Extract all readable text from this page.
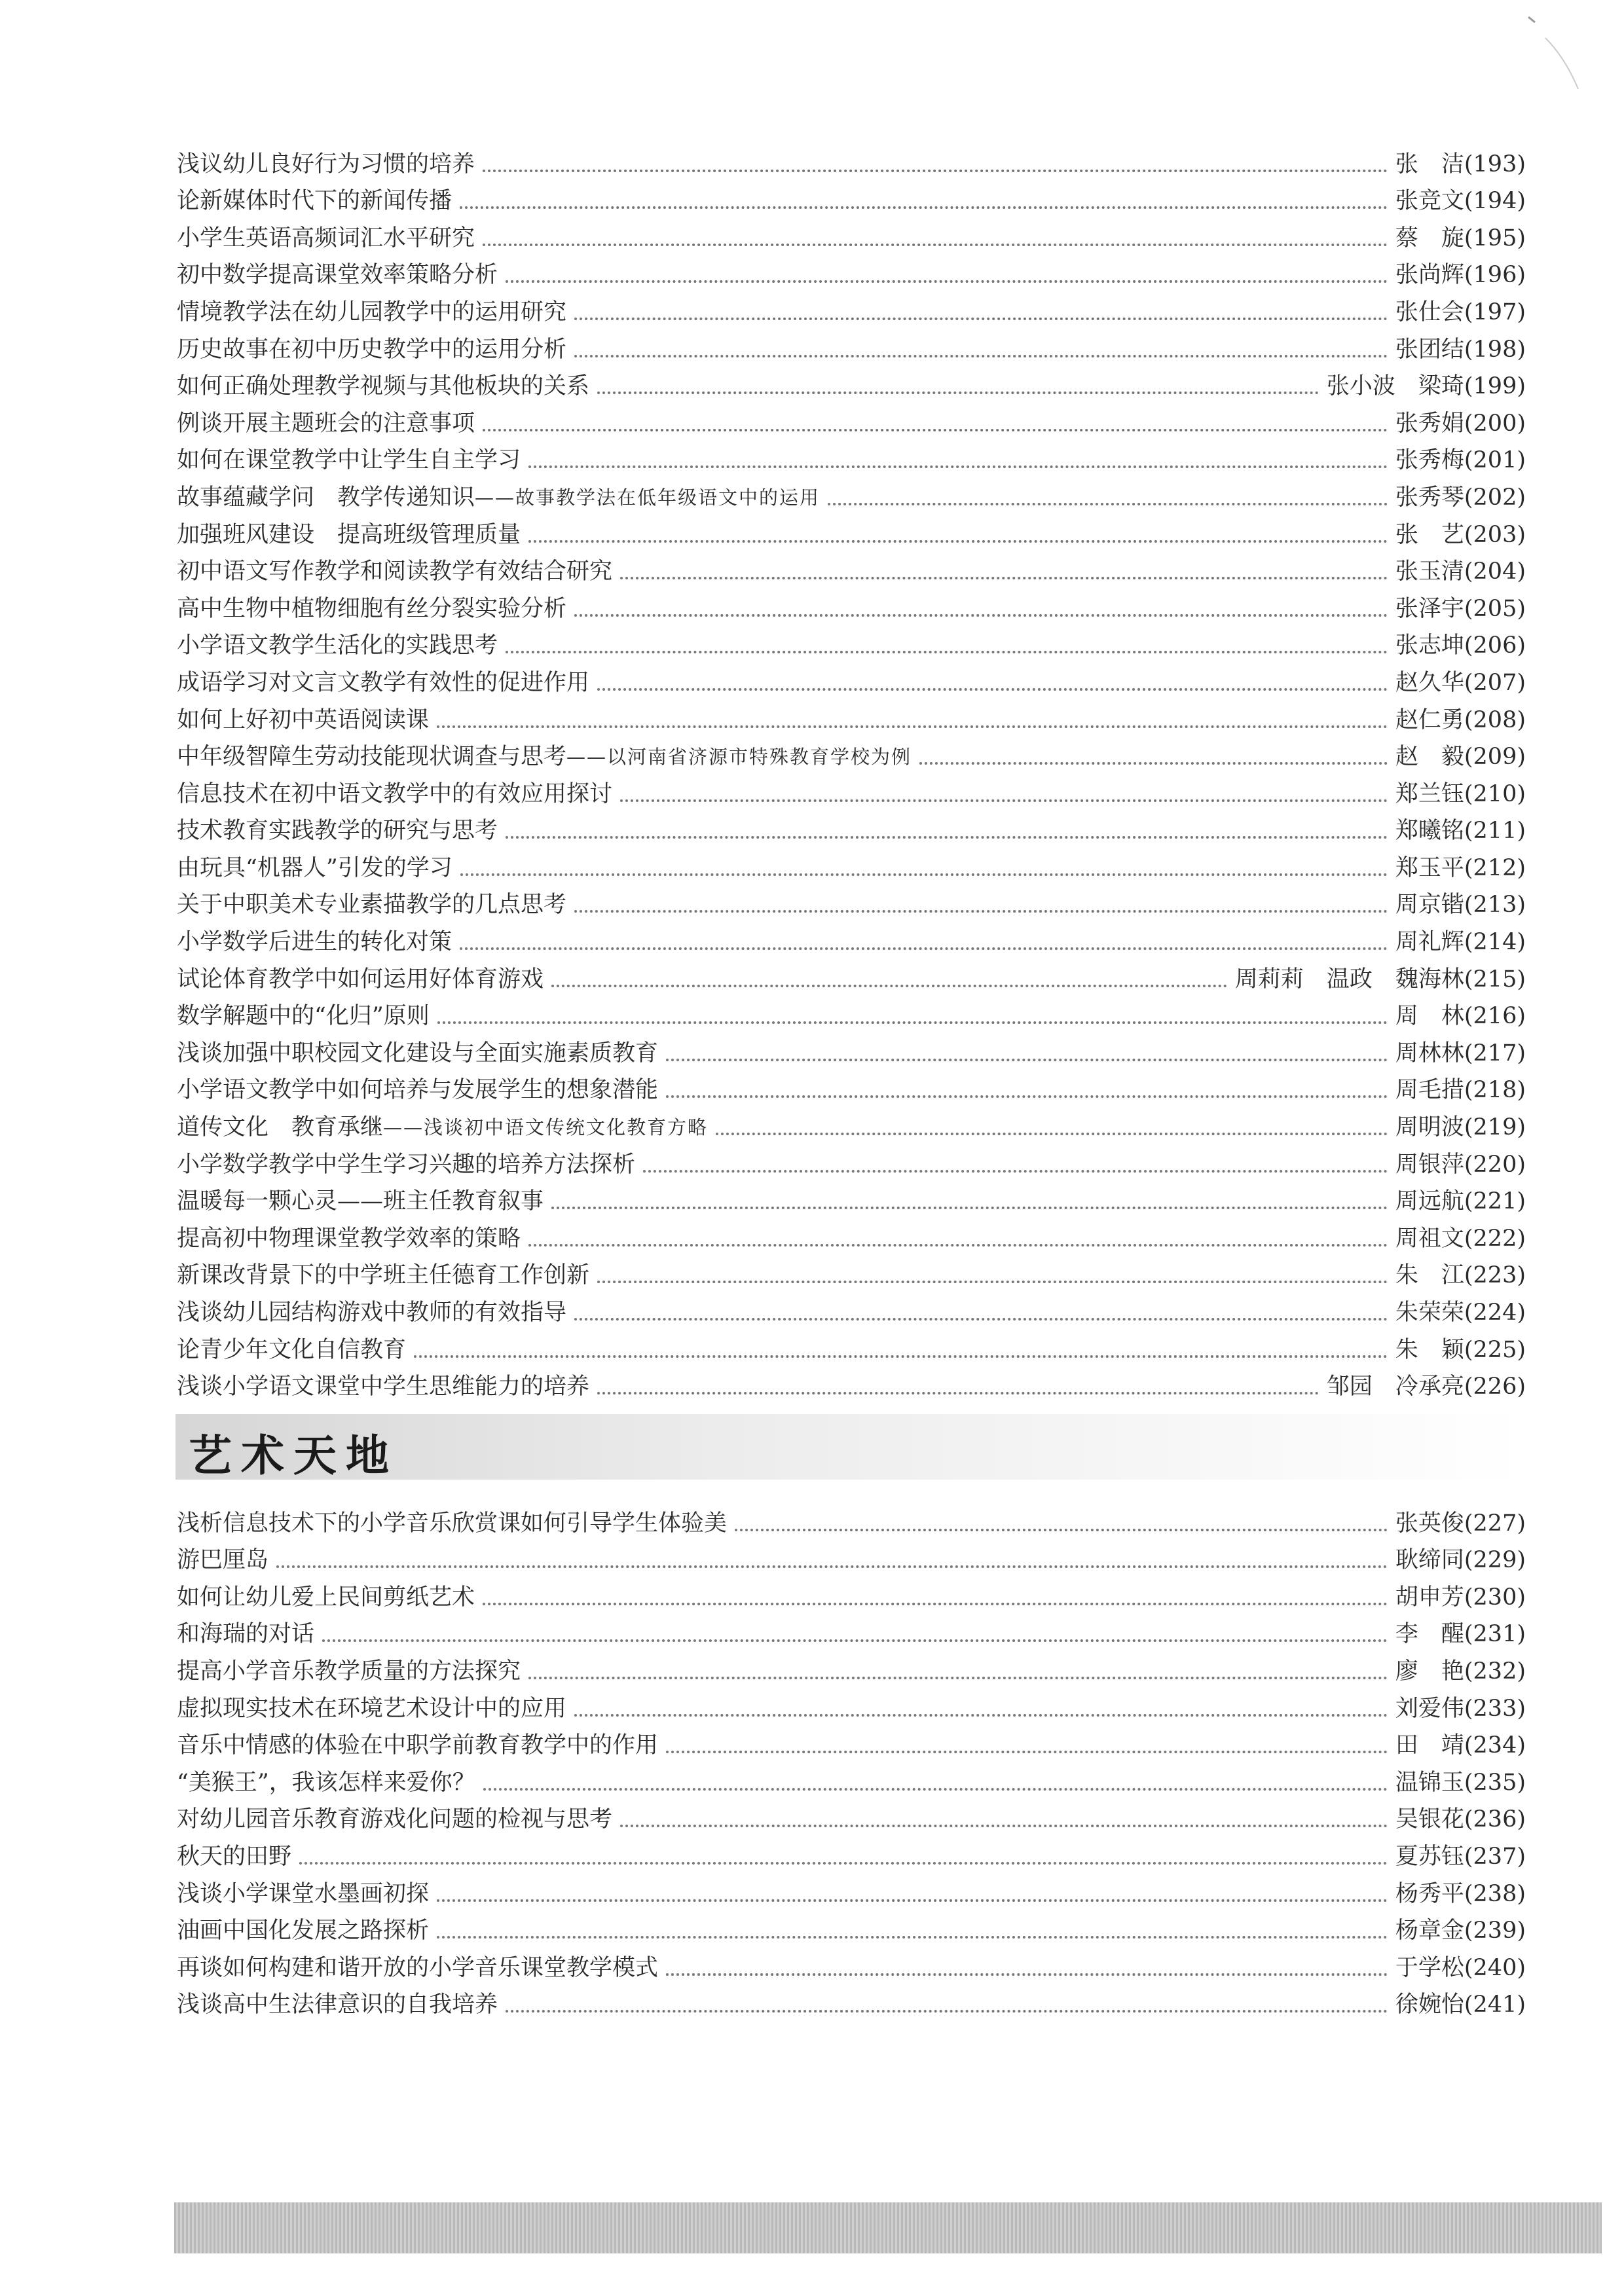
浅议幼儿良好行为习惯的培养	张　洁 (193)
论新媒体时代下的新闻传播	张竞文 (194)
小学生英语高频词汇水平研究	蔡　旋 (195)
初中数学提高课堂效率策略分析	张尚辉 (196)
情境教学法在幼儿园教学中的运用研究	张仕会 (197)
历史故事在初中历史教学中的运用分析	张团结 (198)
如何正确处理教学视频与其他板块的关系	张小波　梁琦 (199)
例谈开展主题班会的注意事项	张秀娟 (200)
如何在课堂教学中让学生自主学习	张秀梅 (201)
故事蕴藏学问　教学传递知识 ——故事教学法在低年级语文中的运用	张秀琴 (202)
加强班风建设　提高班级管理质量	张　艺 (203)
初中语文写作教学和阅读教学有效结合研究	张玉清 (204)
高中生物中植物细胞有丝分裂实验分析	张泽宇 (205)
小学语文教学生活化的实践思考	张志坤 (206)
成语学习对文言文教学有效性的促进作用	赵久华 (207)
如何上好初中英语阅读课	赵仁勇 (208)
中年级智障生劳动技能现状调查与思考 ——以河南省济源市特殊教育学校为例	赵　毅 (209)
信息技术在初中语文教学中的有效应用探讨	郑兰钰 (210)
技术教育实践教学的研究与思考	郑曦铭 (211)
由玩具“机器人”引发的学习	郑玉平 (212)
关于中职美术专业素描教学的几点思考	周京锴 (213)
小学数学后进生的转化对策	周礼辉 (214)
试论体育教学中如何运用好体育游戏	周莉莉　温政　魏海林 (215)
数学解题中的“化归”原则	周　林 (216)
浅谈加强中职校园文化建设与全面实施素质教育	周林林 (217)
小学语文教学中如何培养与发展学生的想象潜能	周毛措 (218)
道传文化　教育承继 ——浅谈初中语文传统文化教育方略	周明波 (219)
小学数学教学中学生学习兴趣的培养方法探析	周银萍 (220)
温暖每一颗心灵——班主任教育叙事	周远航 (221)
提高初中物理课堂教学效率的策略	周祖文 (222)
新课改背景下的中学班主任德育工作创新	朱　江 (223)
浅谈幼儿园结构游戏中教师的有效指导	朱荣荣 (224)
论青少年文化自信教育	朱　颖 (225)
浅谈小学语文课堂中学生思维能力的培养	邹园　冷承亮 (226)
艺术天地
浅析信息技术下的小学音乐欣赏课如何引导学生体验美	张英俊 (227)
游巴厘岛	耿缔同 (229)
如何让幼儿爱上民间剪纸艺术	胡申芳 (230)
和海瑞的对话	李　醒 (231)
提高小学音乐教学质量的方法探究	廖　艳 (232)
虚拟现实技术在环境艺术设计中的应用	刘爱伟 (233)
音乐中情感的体验在中职学前教育教学中的作用	田　靖 (234)
“美猴王”，我该怎样来爱你？	温锦玉 (235)
对幼儿园音乐教育游戏化问题的检视与思考	吴银花 (236)
秋天的田野	夏苏钰 (237)
浅谈小学课堂水墨画初探	杨秀平 (238)
油画中国化发展之路探析	杨章金 (239)
再谈如何构建和谐开放的小学音乐课堂教学模式	于学松 (240)
浅谈高中生法律意识的自我培养	徐婉怡 (241)
